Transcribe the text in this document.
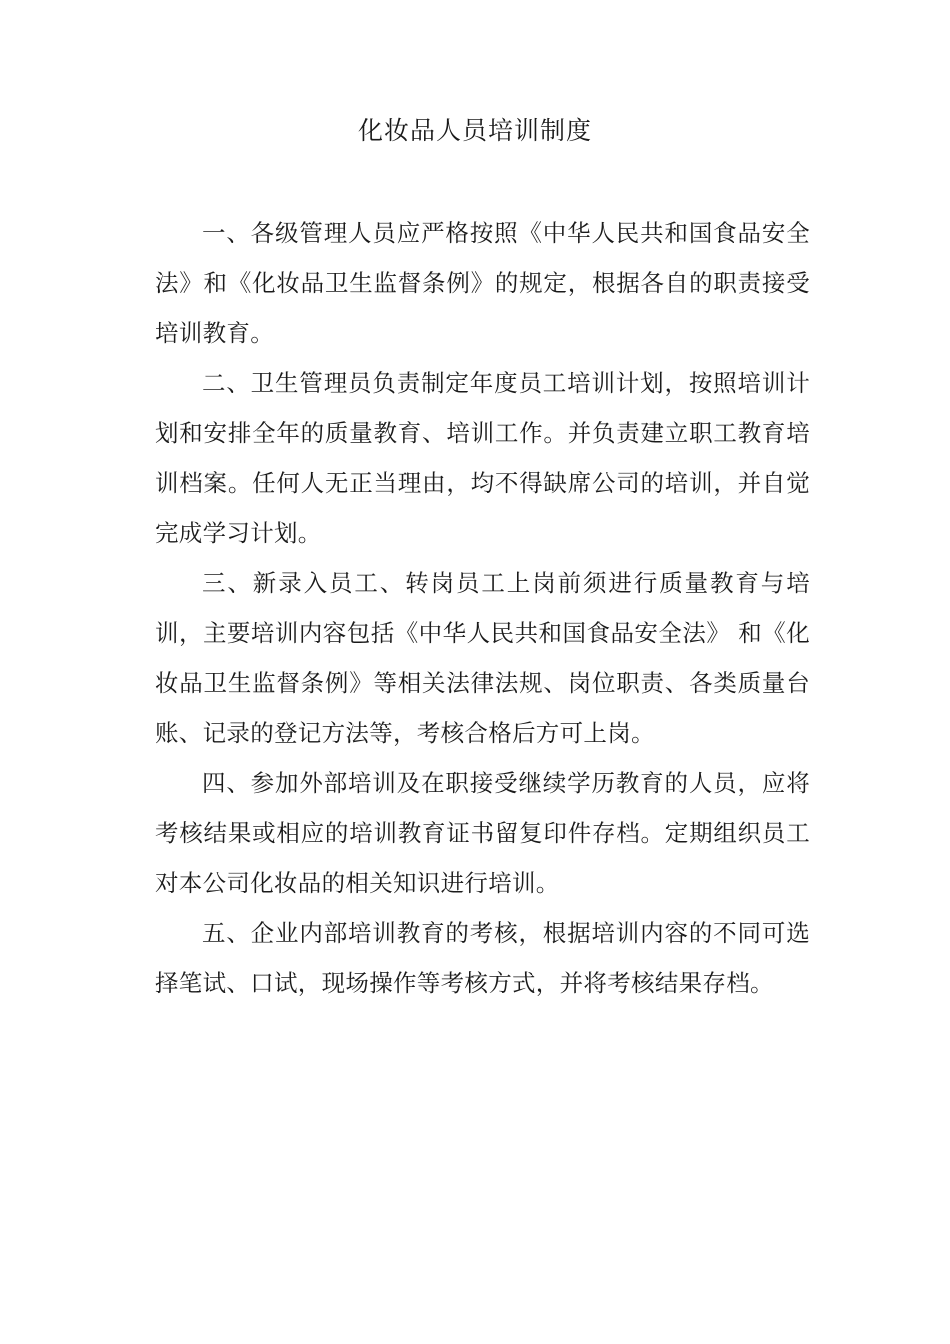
化妆品人员培训制度

一、各级管理人员应严格按照《中华人民共和国食品安全法》和《化妆品卫生监督条例》的规定，根据各自的职责接受培训教育。

二、卫生管理员负责制定年度员工培训计划，按照培训计划和安排全年的质量教育、培训工作。并负责建立职工教育培训档案。任何人无正当理由，均不得缺席公司的培训，并自觉完成学习计划。

三、新录入员工、转岗员工上岗前须进行质量教育与培训，主要培训内容包括《中华人民共和国食品安全法》 和《化妆品卫生监督条例》等相关法律法规、岗位职责、各类质量台账、记录的登记方法等，考核合格后方可上岗。

四、参加外部培训及在职接受继续学历教育的人员，应将考核结果或相应的培训教育证书留复印件存档。定期组织员工对本公司化妆品的相关知识进行培训。

五、企业内部培训教育的考核，根据培训内容的不同可选择笔试、口试，现场操作等考核方式，并将考核结果存档。
